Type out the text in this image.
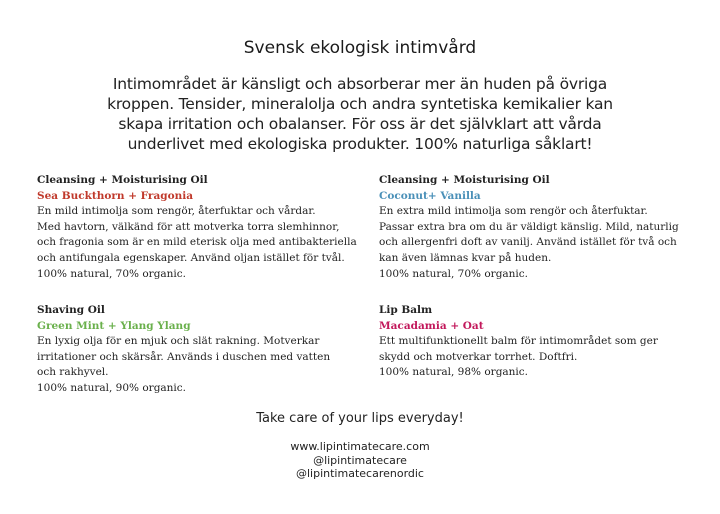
Svensk ekologisk intimvård
Intimområdet är känsligt och absorberar mer än huden på övriga
kroppen. Tensider, mineralolja och andra syntetiska kemikalier kan
skapa irritation och obalanser. För oss är det självklart att vårda
underlivet med ekologiska produkter. 100% naturliga såklart!
Cleansing + Moisturising Oil
Sea Buckthorn + Fragonia
En mild intimolja som rengör, återfuktar och vårdar.
Med havtorn, välkänd för att motverka torra slemhinnor,
och fragonia som är en mild eterisk olja med antibakteriella
och antifungala egenskaper. Använd oljan istället för tvål.
100% natural, 70% organic.
Cleansing + Moisturising Oil
Coconut+ Vanilla
En extra mild intimolja som rengör och återfuktar.
Passar extra bra om du är väldigt känslig. Mild, naturlig
och allergenfri doft av vanilj. Använd istället för två och
kan även lämnas kvar på huden.
100% natural, 70% organic.
Shaving Oil
Green Mint + Ylang Ylang
En lyxig olja för en mjuk och slät rakning. Motverkar
irritationer och skärsår. Används i duschen med vatten
och rakhyvel.
100% natural, 90% organic.
Lip Balm
Macadamia + Oat
Ett multifunktionellt balm för intimområdet som ger
skydd och motverkar torrhet. Doftfri.
100% natural, 98% organic.
Take care of your lips everyday!
www.lipintimatecare.com
@lipintimatecare
@lipintimatecarenordic
